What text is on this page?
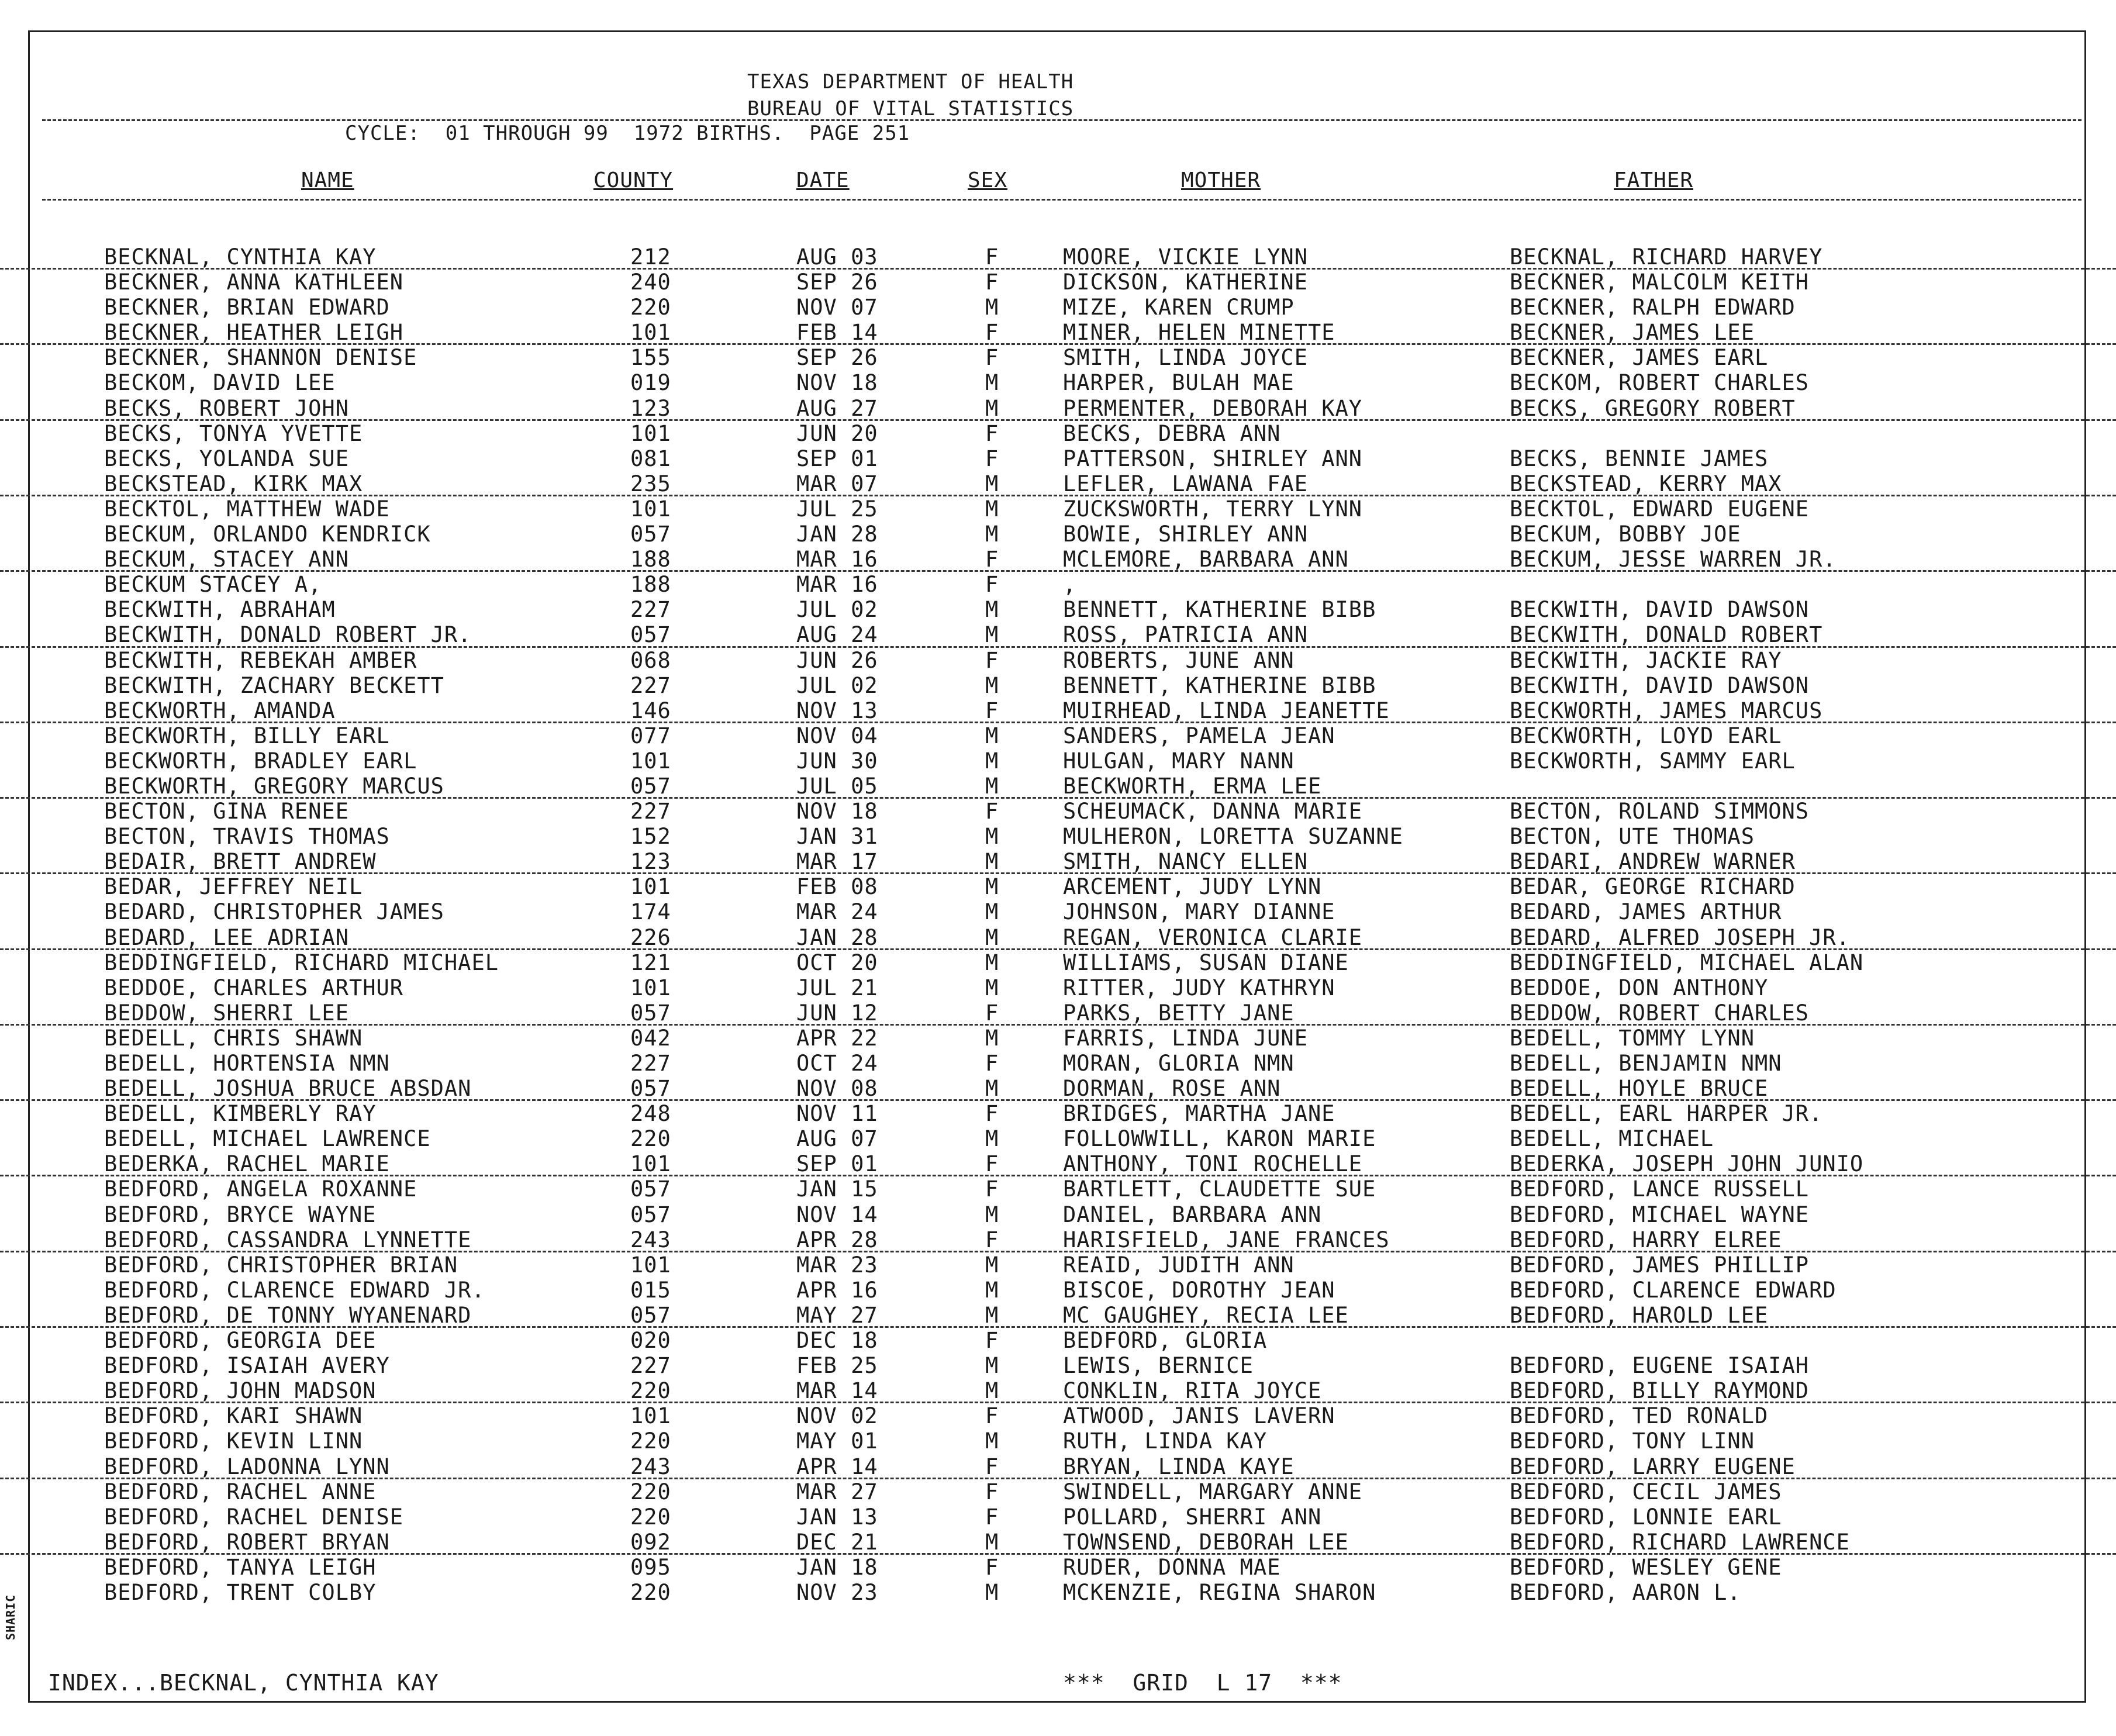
SHARIC
TEXAS DEPARTMENT OF HEALTH
BUREAU OF VITAL STATISTICS
CYCLE:  01 THROUGH 99  1972 BIRTHS.  PAGE 251
NAME	COUNTY	DATE	SEX	MOTHER	FATHER
BECKNAL, CYNTHIA KAY	212	AUG 03	F	MOORE, VICKIE LYNN	BECKNAL, RICHARD HARVEY
BECKNER, ANNA KATHLEEN	240	SEP 26	F	DICKSON, KATHERINE	BECKNER, MALCOLM KEITH
BECKNER, BRIAN EDWARD	220	NOV 07	M	MIZE, KAREN CRUMP	BECKNER, RALPH EDWARD
BECKNER, HEATHER LEIGH	101	FEB 14	F	MINER, HELEN MINETTE	BECKNER, JAMES LEE
BECKNER, SHANNON DENISE	155	SEP 26	F	SMITH, LINDA JOYCE	BECKNER, JAMES EARL
BECKOM, DAVID LEE	019	NOV 18	M	HARPER, BULAH MAE	BECKOM, ROBERT CHARLES
BECKS, ROBERT JOHN	123	AUG 27	M	PERMENTER, DEBORAH KAY	BECKS, GREGORY ROBERT
BECKS, TONYA YVETTE	101	JUN 20	F	BECKS, DEBRA ANN
BECKS, YOLANDA SUE	081	SEP 01	F	PATTERSON, SHIRLEY ANN	BECKS, BENNIE JAMES
BECKSTEAD, KIRK MAX	235	MAR 07	M	LEFLER, LAWANA FAE	BECKSTEAD, KERRY MAX
BECKTOL, MATTHEW WADE	101	JUL 25	M	ZUCKSWORTH, TERRY LYNN	BECKTOL, EDWARD EUGENE
BECKUM, ORLANDO KENDRICK	057	JAN 28	M	BOWIE, SHIRLEY ANN	BECKUM, BOBBY JOE
BECKUM, STACEY ANN	188	MAR 16	F	MCLEMORE, BARBARA ANN	BECKUM, JESSE WARREN JR.
BECKUM STACEY A,	188	MAR 16	F	,
BECKWITH, ABRAHAM	227	JUL 02	M	BENNETT, KATHERINE BIBB	BECKWITH, DAVID DAWSON
BECKWITH, DONALD ROBERT JR.	057	AUG 24	M	ROSS, PATRICIA ANN	BECKWITH, DONALD ROBERT
BECKWITH, REBEKAH AMBER	068	JUN 26	F	ROBERTS, JUNE ANN	BECKWITH, JACKIE RAY
BECKWITH, ZACHARY BECKETT	227	JUL 02	M	BENNETT, KATHERINE BIBB	BECKWITH, DAVID DAWSON
BECKWORTH, AMANDA	146	NOV 13	F	MUIRHEAD, LINDA JEANETTE	BECKWORTH, JAMES MARCUS
BECKWORTH, BILLY EARL	077	NOV 04	M	SANDERS, PAMELA JEAN	BECKWORTH, LOYD EARL
BECKWORTH, BRADLEY EARL	101	JUN 30	M	HULGAN, MARY NANN	BECKWORTH, SAMMY EARL
BECKWORTH, GREGORY MARCUS	057	JUL 05	M	BECKWORTH, ERMA LEE
BECTON, GINA RENEE	227	NOV 18	F	SCHEUMACK, DANNA MARIE	BECTON, ROLAND SIMMONS
BECTON, TRAVIS THOMAS	152	JAN 31	M	MULHERON, LORETTA SUZANNE	BECTON, UTE THOMAS
BEDAIR, BRETT ANDREW	123	MAR 17	M	SMITH, NANCY ELLEN	BEDARI, ANDREW WARNER
BEDAR, JEFFREY NEIL	101	FEB 08	M	ARCEMENT, JUDY LYNN	BEDAR, GEORGE RICHARD
BEDARD, CHRISTOPHER JAMES	174	MAR 24	M	JOHNSON, MARY DIANNE	BEDARD, JAMES ARTHUR
BEDARD, LEE ADRIAN	226	JAN 28	M	REGAN, VERONICA CLARIE	BEDARD, ALFRED JOSEPH JR.
BEDDINGFIELD, RICHARD MICHAEL	121	OCT 20	M	WILLIAMS, SUSAN DIANE	BEDDINGFIELD, MICHAEL ALAN
BEDDOE, CHARLES ARTHUR	101	JUL 21	M	RITTER, JUDY KATHRYN	BEDDOE, DON ANTHONY
BEDDOW, SHERRI LEE	057	JUN 12	F	PARKS, BETTY JANE	BEDDOW, ROBERT CHARLES
BEDELL, CHRIS SHAWN	042	APR 22	M	FARRIS, LINDA JUNE	BEDELL, TOMMY LYNN
BEDELL, HORTENSIA NMN	227	OCT 24	F	MORAN, GLORIA NMN	BEDELL, BENJAMIN NMN
BEDELL, JOSHUA BRUCE ABSDAN	057	NOV 08	M	DORMAN, ROSE ANN	BEDELL, HOYLE BRUCE
BEDELL, KIMBERLY RAY	248	NOV 11	F	BRIDGES, MARTHA JANE	BEDELL, EARL HARPER JR.
BEDELL, MICHAEL LAWRENCE	220	AUG 07	M	FOLLOWWILL, KARON MARIE	BEDELL, MICHAEL
BEDERKA, RACHEL MARIE	101	SEP 01	F	ANTHONY, TONI ROCHELLE	BEDERKA, JOSEPH JOHN JUNIO
BEDFORD, ANGELA ROXANNE	057	JAN 15	F	BARTLETT, CLAUDETTE SUE	BEDFORD, LANCE RUSSELL
BEDFORD, BRYCE WAYNE	057	NOV 14	M	DANIEL, BARBARA ANN	BEDFORD, MICHAEL WAYNE
BEDFORD, CASSANDRA LYNNETTE	243	APR 28	F	HARISFIELD, JANE FRANCES	BEDFORD, HARRY ELREE
BEDFORD, CHRISTOPHER BRIAN	101	MAR 23	M	REAID, JUDITH ANN	BEDFORD, JAMES PHILLIP
BEDFORD, CLARENCE EDWARD JR.	015	APR 16	M	BISCOE, DOROTHY JEAN	BEDFORD, CLARENCE EDWARD
BEDFORD, DE TONNY WYANENARD	057	MAY 27	M	MC GAUGHEY, RECIA LEE	BEDFORD, HAROLD LEE
BEDFORD, GEORGIA DEE	020	DEC 18	F	BEDFORD, GLORIA
BEDFORD, ISAIAH AVERY	227	FEB 25	M	LEWIS, BERNICE	BEDFORD, EUGENE ISAIAH
BEDFORD, JOHN MADSON	220	MAR 14	M	CONKLIN, RITA JOYCE	BEDFORD, BILLY RAYMOND
BEDFORD, KARI SHAWN	101	NOV 02	F	ATWOOD, JANIS LAVERN	BEDFORD, TED RONALD
BEDFORD, KEVIN LINN	220	MAY 01	M	RUTH, LINDA KAY	BEDFORD, TONY LINN
BEDFORD, LADONNA LYNN	243	APR 14	F	BRYAN, LINDA KAYE	BEDFORD, LARRY EUGENE
BEDFORD, RACHEL ANNE	220	MAR 27	F	SWINDELL, MARGARY ANNE	BEDFORD, CECIL JAMES
BEDFORD, RACHEL DENISE	220	JAN 13	F	POLLARD, SHERRI ANN	BEDFORD, LONNIE EARL
BEDFORD, ROBERT BRYAN	092	DEC 21	M	TOWNSEND, DEBORAH LEE	BEDFORD, RICHARD LAWRENCE
BEDFORD, TANYA LEIGH	095	JAN 18	F	RUDER, DONNA MAE	BEDFORD, WESLEY GENE
BEDFORD, TRENT COLBY	220	NOV 23	M	MCKENZIE, REGINA SHARON	BEDFORD, AARON L.
INDEX...BECKNAL, CYNTHIA KAY	***  GRID  L 17  ***
